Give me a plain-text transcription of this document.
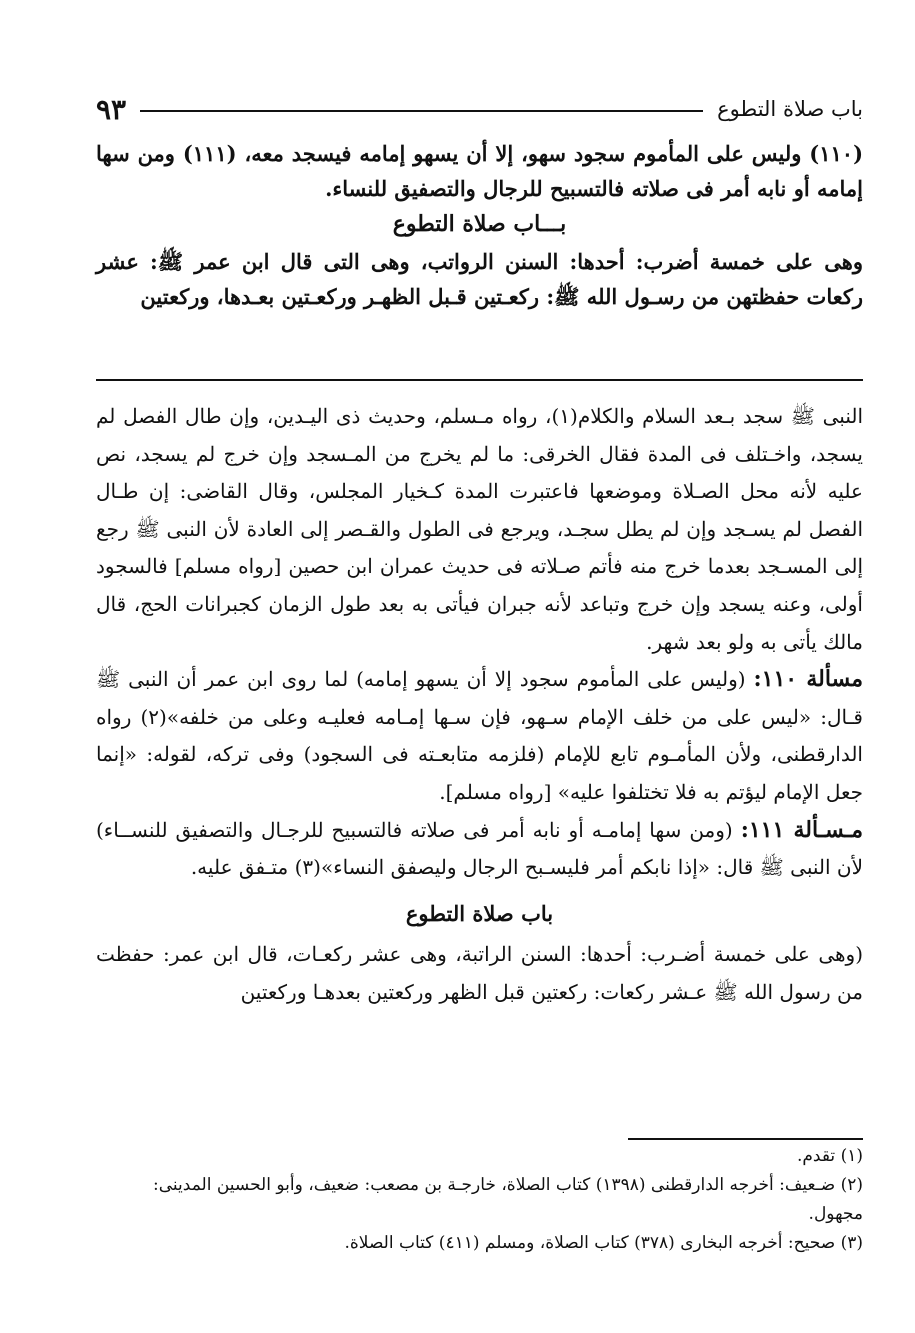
باب صلاة التطوع
٩٣

(١١٠) وليس على المأموم سجود سهو، إلا أن يسهو إمامه فيسجد معه، (١١١) ومن سها إمامه أو نابه أمر فى صلاته فالتسبيح للرجال والتصفيق للنساء.

بـــاب صلاة التطوع

وهى على خمسة أضرب: أحدها: السنن الرواتب، وهى التى قال ابن عمر ﷺ: عشر ركعات حفظتهن من رسـول الله ﷺ: ركعـتين قـبل الظهـر وركعـتين بعـدها، وركعتين

النبى ﷺ سجد بـعد السلام والكلام(١)، رواه مـسلم، وحديث ذى اليـدين، وإن طال الفصل لم يسجد، واخـتلف فى المدة فقال الخرقى: ما لم يخرج من المـسجد وإن خرج لم يسجد، نص عليه لأنه محل الصـلاة وموضعها فاعتبرت المدة كـخيار المجلس، وقال القاضى: إن طـال الفصل لم يسـجد وإن لم يطل سجـد، ويرجع فى الطول والقـصر إلى العادة لأن النبى ﷺ رجع إلى المسـجد بعدما خرج منه فأتم صـلاته فى حديث عمران ابن حصين [رواه مسلم] فالسجود أولى، وعنه يسجد وإن خرج وتباعد لأنه جبران فيأتى به بعد طول الزمان كجبرانات الحج، قال مالك يأتى به ولو بعد شهر.

مسألة ١١٠: (وليس على المأموم سجود إلا أن يسهو إمامه) لما روى ابن عمر أن النبى ﷺ قـال: «ليس على من خلف الإمام سـهو، فإن سـها إمـامه فعليـه وعلى من خلفه»(٢) رواه الدارقطنى، ولأن المأمـوم تابع للإمام (فلزمه متابعـته فى السجود) وفى تركه، لقوله: «إنما جعل الإمام ليؤتم به فلا تختلفوا عليه» [رواه مسلم].

مـسـألة ١١١: (ومن سها إمامـه أو نابه أمر فى صلاته فالتسبيح للرجـال والتصفيق للنســاء) لأن النبى ﷺ قال: «إذا نابكم أمر فليسـبح الرجال وليصفق النساء»(٣) متـفق عليه.

باب صلاة التطوع

(وهى على خمسة أضـرب: أحدها: السنن الراتبة، وهى عشر ركعـات، قال ابن عمر: حفظت من رسول الله ﷺ عـشر ركعات: ركعتين قبل الظهر وركعتين بعدهـا وركعتين

(١) تقدم.

(٢) ضـعيف: أخرجه الدارقطنى (١٣٩٨) كتاب الصلاة، خارجـة بن مصعب: ضعيف، وأبو الحسين المدينى: مجهول.

(٣) صحيح: أخرجه البخارى (٣٧٨) كتاب الصلاة، ومسلم (٤١١) كتاب الصلاة.
